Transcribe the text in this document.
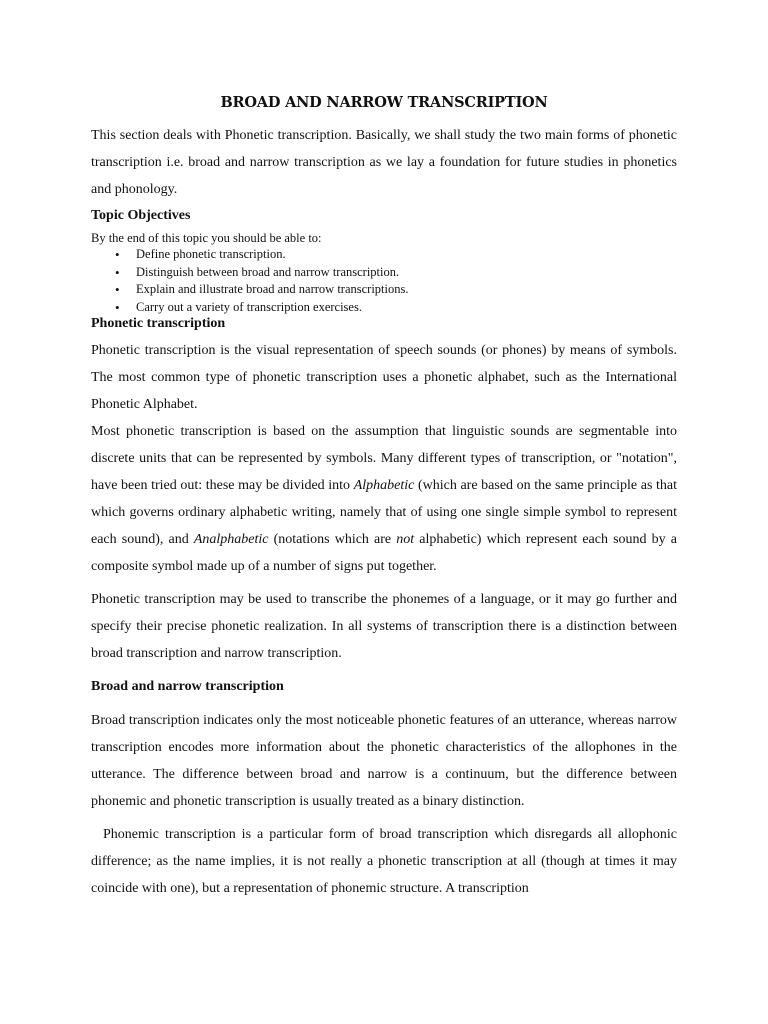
BROAD AND NARROW TRANSCRIPTION

This section deals with Phonetic transcription. Basically, we shall study the two main forms of phonetic transcription i.e. broad and narrow transcription as we lay a foundation for future studies in phonetics and phonology.

Topic Objectives
By the end of this topic you should be able to:
• Define phonetic transcription.
• Distinguish between broad and narrow transcription.
• Explain and illustrate broad and narrow transcriptions.
• Carry out a variety of transcription exercises.
Phonetic transcription

Phonetic transcription is the visual representation of speech sounds (or phones) by means of symbols. The most common type of phonetic transcription uses a phonetic alphabet, such as the International Phonetic Alphabet.

Most phonetic transcription is based on the assumption that linguistic sounds are segmentable into discrete units that can be represented by symbols. Many different types of transcription, or "notation", have been tried out: these may be divided into Alphabetic (which are based on the same principle as that which governs ordinary alphabetic writing, namely that of using one single simple symbol to represent each sound), and Analphabetic (notations which are not alphabetic) which represent each sound by a composite symbol made up of a number of signs put together.

Phonetic transcription may be used to transcribe the phonemes of a language, or it may go further and specify their precise phonetic realization. In all systems of transcription there is a distinction between broad transcription and narrow transcription.

Broad and narrow transcription

Broad transcription indicates only the most noticeable phonetic features of an utterance, whereas narrow transcription encodes more information about the phonetic characteristics of the allophones in the utterance. The difference between broad and narrow is a continuum, but the difference between phonemic and phonetic transcription is usually treated as a binary distinction.

Phonemic transcription is a particular form of broad transcription which disregards all allophonic difference; as the name implies, it is not really a phonetic transcription at all (though at times it may coincide with one), but a representation of phonemic structure. A transcription
